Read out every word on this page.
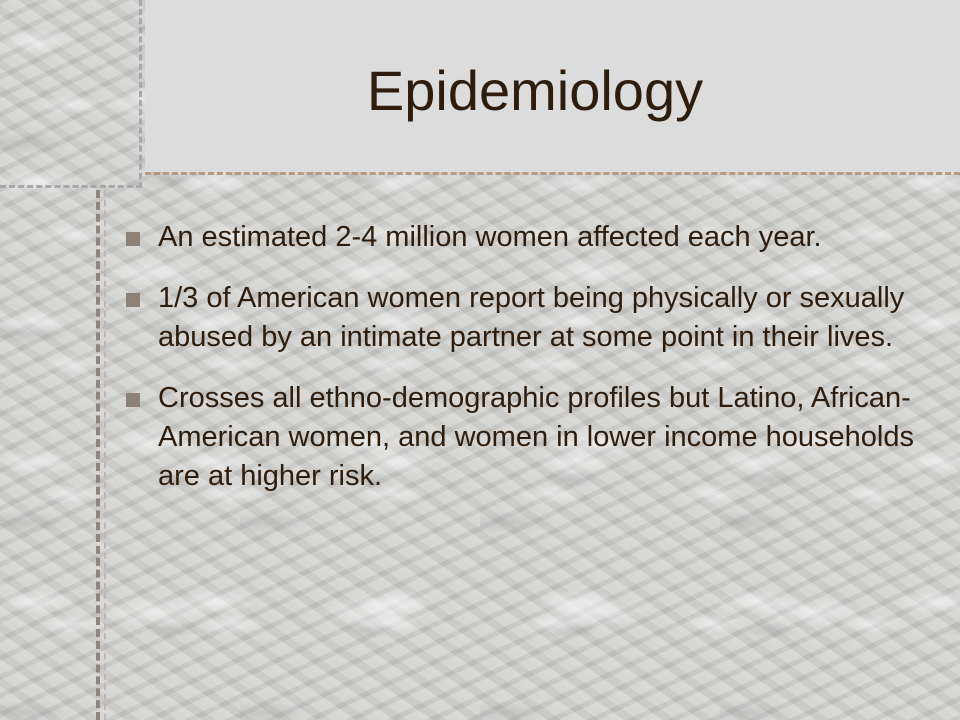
Epidemiology
An estimated 2-4 million women affected each year.
1/3 of American women report being physically or sexually abused by an intimate partner at some point in their lives.
Crosses all ethno-demographic profiles but Latino, African-American women, and women in lower income households are at higher risk.
